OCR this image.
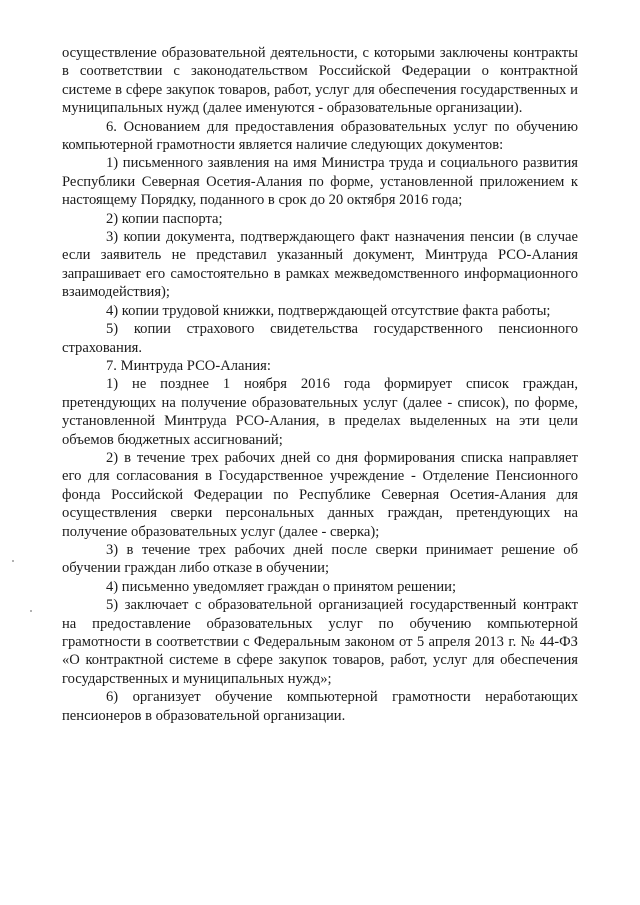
осуществление образовательной деятельности, с которыми заключены контракты в соответствии с законодательством Российской Федерации о контрактной системе в сфере закупок товаров, работ, услуг для обеспечения государственных и муниципальных нужд (далее именуются - образовательные организации).

6. Основанием для предоставления образовательных услуг по обучению компьютерной грамотности является наличие следующих документов:

1) письменного заявления на имя Министра труда и социального развития Республики Северная Осетия-Алания по форме, установленной приложением к настоящему Порядку, поданного в срок до 20 октября 2016 года;

2) копии паспорта;

3) копии документа, подтверждающего факт назначения пенсии (в случае если заявитель не представил указанный документ, Минтруда РСО-Алания запрашивает его самостоятельно в рамках межведомственного информационного взаимодействия);

4) копии трудовой книжки, подтверждающей отсутствие факта работы;

5) копии страхового свидетельства государственного пенсионного страхования.

7. Минтруда РСО-Алания:

1) не позднее 1 ноября 2016 года формирует список граждан, претендующих на получение образовательных услуг (далее - список), по форме, установленной Минтруда РСО-Алания, в пределах выделенных на эти цели объемов бюджетных ассигнований;

2) в течение трех рабочих дней со дня формирования списка направляет его для согласования в Государственное учреждение - Отделение Пенсионного фонда Российской Федерации по Республике Северная Осетия-Алания для осуществления сверки персональных данных граждан, претендующих на получение образовательных услуг (далее - сверка);

3) в течение трех рабочих дней после сверки принимает решение об обучении граждан либо отказе в обучении;

4) письменно уведомляет граждан о принятом решении;

5) заключает с образовательной организацией государственный контракт на предоставление образовательных услуг по обучению компьютерной грамотности в соответствии с Федеральным законом от 5 апреля 2013 г. № 44-ФЗ «О контрактной системе в сфере закупок товаров, работ, услуг для обеспечения государственных и муниципальных нужд»;

6) организует обучение компьютерной грамотности неработающих пенсионеров в образовательной организации.
